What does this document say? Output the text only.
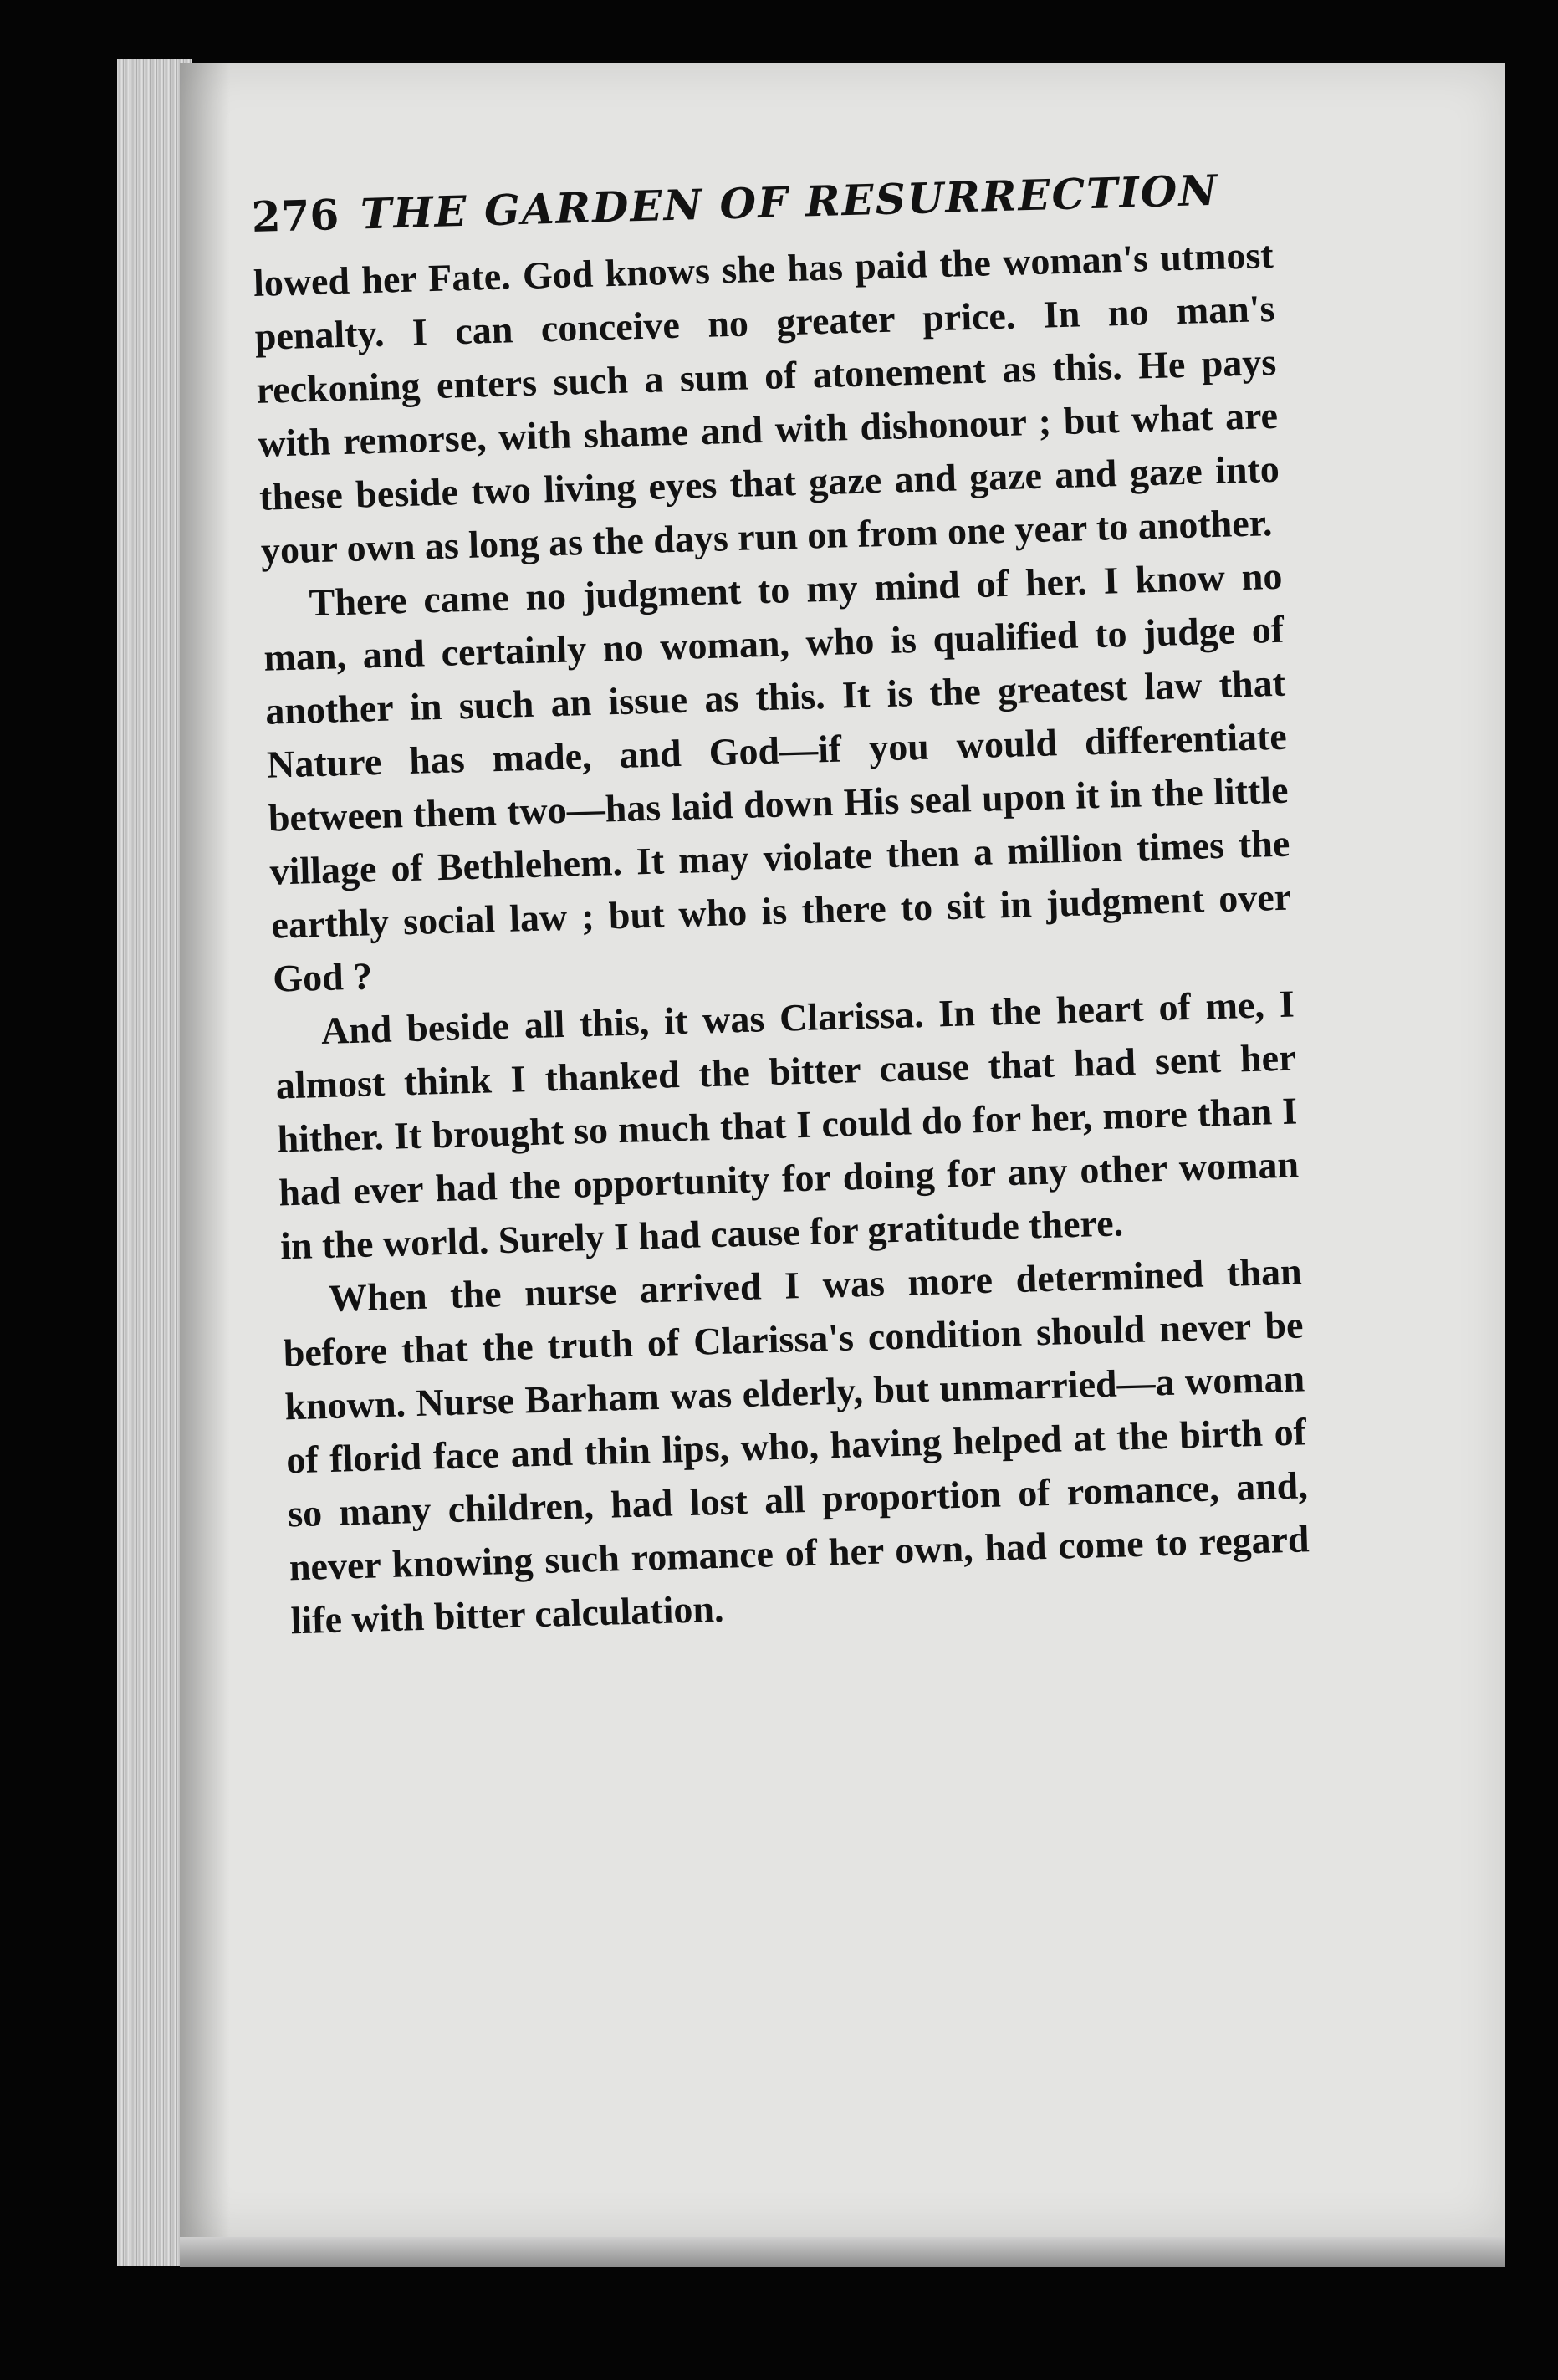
276 THE GARDEN OF RESURRECTION

lowed her Fate. God knows she has paid the woman's utmost penalty. I can conceive no greater price. In no man's reckoning enters such a sum of atonement as this. He pays with remorse, with shame and with dishonour ; but what are these beside two living eyes that gaze and gaze and gaze into your own as long as the days run on from one year to another.

There came no judgment to my mind of her. I know no man, and certainly no woman, who is qualified to judge of another in such an issue as this. It is the greatest law that Nature has made, and God—if you would differentiate between them two—has laid down His seal upon it in the little village of Bethlehem. It may violate then a million times the earthly social law ; but who is there to sit in judgment over God ?

And beside all this, it was Clarissa. In the heart of me, I almost think I thanked the bitter cause that had sent her hither. It brought so much that I could do for her, more than I had ever had the opportunity for doing for any other woman in the world. Surely I had cause for gratitude there.

When the nurse arrived I was more determined than before that the truth of Clarissa's condition should never be known. Nurse Barham was elderly, but unmarried—a woman of florid face and thin lips, who, having helped at the birth of so many children, had lost all proportion of romance, and, never knowing such romance of her own, had come to regard life with bitter calculation.
